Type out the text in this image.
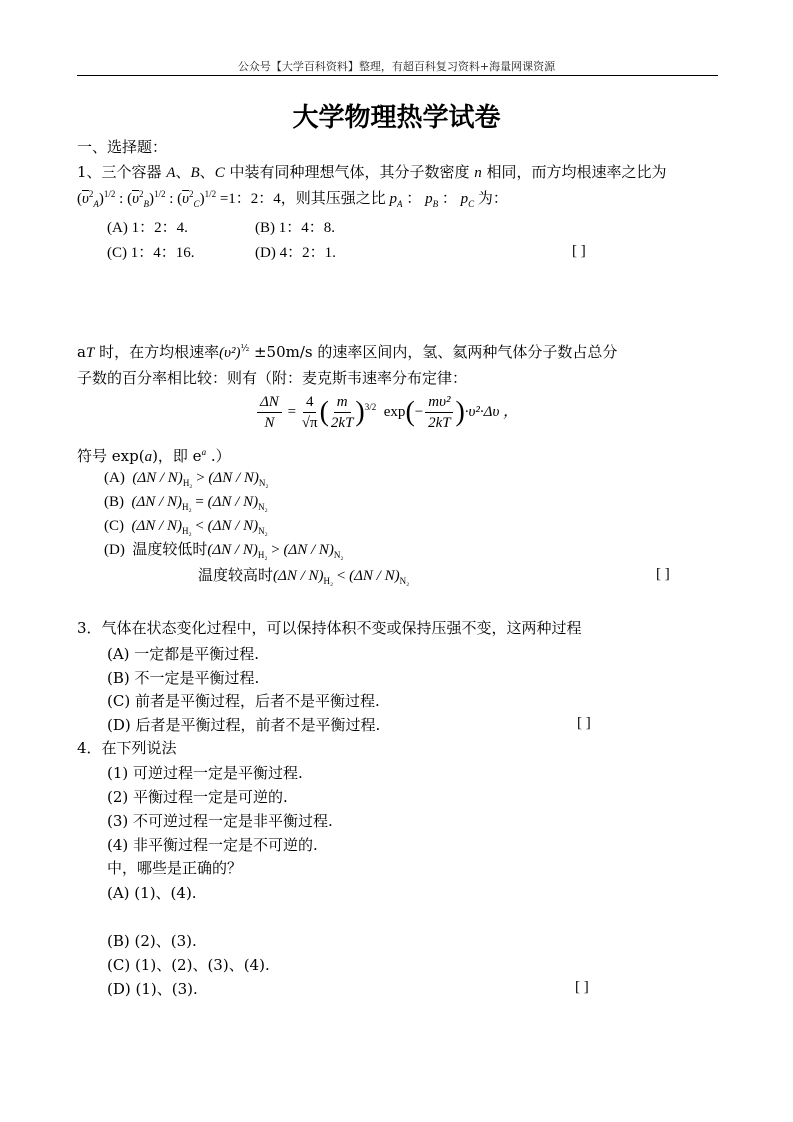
公众号【大学百科资料】整理，有超百科复习资料+海量网课资源
大学物理热学试卷
一、选择题：
1、三个容器 A、B、C 中装有同种理想气体，其分子数密度 n 相同，而方均根速率之比为
$(\overline{\upsilon}^2_A)^{1/2}$ : $(\overline{\upsilon}^2_B)^{1/2}$ : $(\overline{\upsilon}^2_C)^{1/2} =1$：2：4，则其压强之比 $p_A$ ： $p_B$ ： $p_C$ 为：
(A) 1：2：4.	(B) 1：4：8.
(C) 1：4：16.	(D) 4：2：1.	[ ]
aT 时，在方均根速率$(\upsilon^2)^{\frac{1}{2}} \pm 50m/s$ 的速率区间内，氢、氦两种气体分子数占总分
子数的百分率相比较：则有（附：麦克斯韦速率分布定律：
$\frac{\Delta N}{N} = \frac{4}{√\pi}$ ( $\frac{m}{2kT} )^{3/2}$ $\exp(- \frac{\text{mυ²}}{2kT} )\cdot\upsilon^2\cdot\Delta\upsilon$ ，
符号 exp(a)，即 $e^a$ .）
(A) $(\Delta N / N)_{H_2} > (\Delta N / N)_{N_2}$
(B) $(\Delta N / N)_{H_2} = (\Delta N / N)_{N_2}$
(C) $(\Delta N / N)_{H_2} < (\Delta N / N)_{N_2}$
(D) 温度较低时$(\Delta N / N)_{H_2} > (\Delta N / N)_{N_2}$
温度较高时$(\Delta N / N)_{H_2} < (\Delta N / N)_{N_2}$	[ ]
3．气体在状态变化过程中，可以保持体积不变或保持压强不变，这两种过程
(A) 一定都是平衡过程.
(B) 不一定是平衡过程.
(C) 前者是平衡过程，后者不是平衡过程.
(D) 后者是平衡过程，前者不是平衡过程.	[ ]
4．在下列说法
(1) 可逆过程一定是平衡过程.
(2) 平衡过程一定是可逆的.
(3) 不可逆过程一定是非平衡过程.
(4) 非平衡过程一定是不可逆的.
中，哪些是正确的？
(A) (1)、(4).
(B) (2)、(3).
(C) (1)、(2)、(3)、(4).
(D) (1)、(3).	[ ]
